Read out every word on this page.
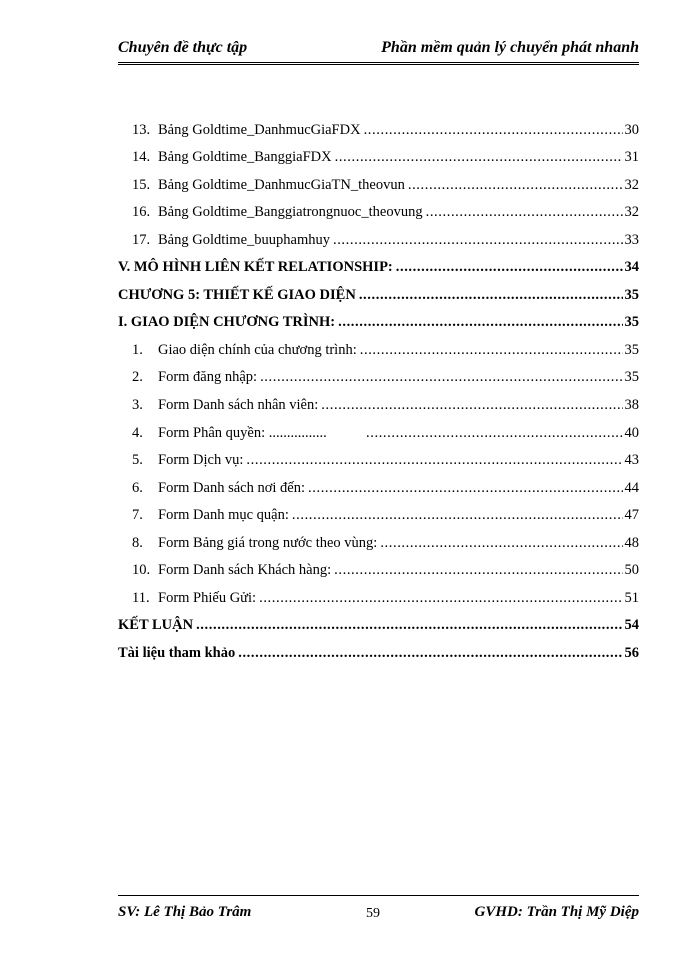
Chuyên đề thực tập	Phần mềm quản lý chuyển phát nhanh
13. Bảng Goldtime_DanhmucGiaFDX .....	30
14. Bảng Goldtime_BanggiaFDX .....	31
15. Bảng Goldtime_DanhmucGiaTN_theovun .....	32
16. Bảng Goldtime_Banggiatrongnuoc_theovung .....	32
17. Bảng Goldtime_buuphamhuy .....	33
V. MÔ HÌNH LIÊN KẾT RELATIONSHIP: .....	34
CHƯƠNG 5: THIẾT KẾ GIAO DIỆN .....	35
I. GIAO DIỆN CHƯƠNG TRÌNH: .....	35
1.	Giao diện chính của chương trình: .....	35
2.	Form đăng nhập: .....	35
3.	Form Danh sách nhân viên: .....	38
4.	Form Phân quyền: ................ .....	40
5.	Form Dịch vụ: .....	43
6.	Form Danh sách nơi đến: .....	44
7.	Form Danh mục quận: .....	47
8.	Form Bảng giá trong nước theo vùng: .....	48
10. Form Danh sách Khách hàng: .....	50
11. Form Phiếu Gửi: .....	51
KẾT LUẬN .....	54
Tài liệu tham khảo .....	56
SV: Lê Thị Bảo Trâm	59	GVHD: Trần Thị Mỹ Diệp
